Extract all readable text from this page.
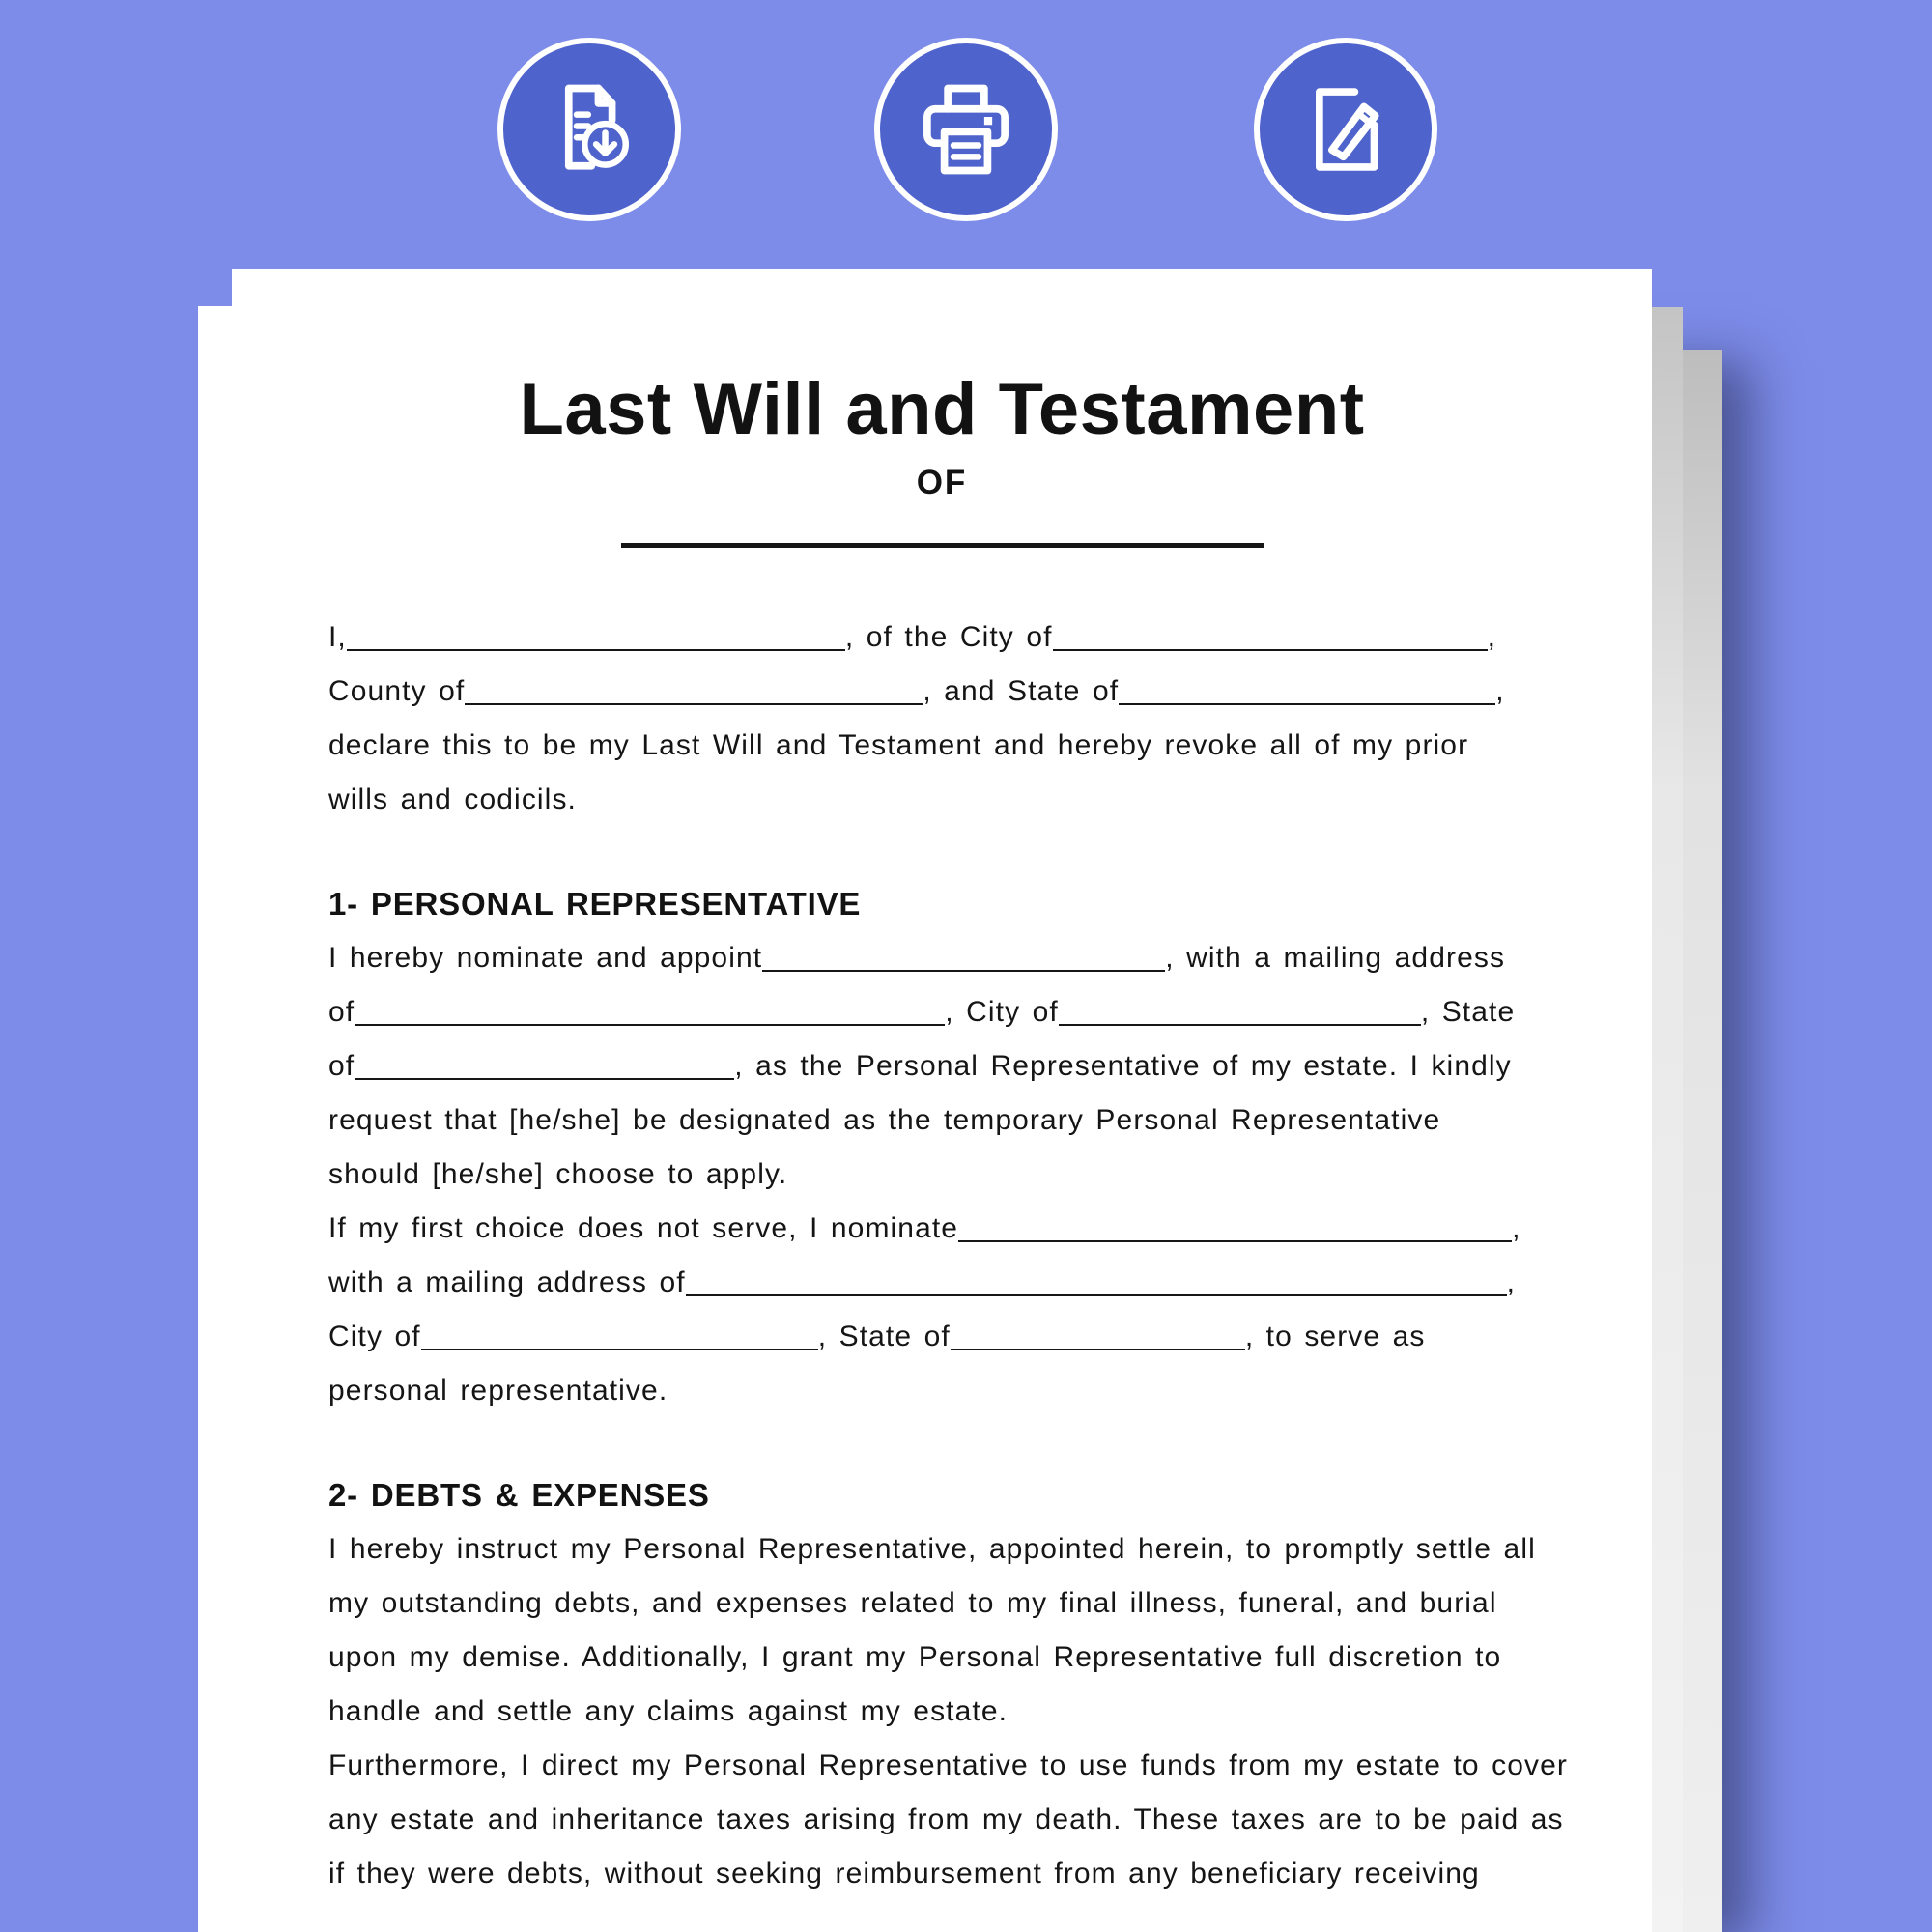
Last Will and Testament
OF
I,	, of the City of	,
County of	, and State of	,
declare this to be my Last Will and Testament and hereby revoke all of my prior
wills and codicils.
1- PERSONAL REPRESENTATIVE
I hereby nominate and appoint	, with a mailing address
of	, City of	, State
of	, as the Personal Representative of my estate. I kindly
request that [he/she] be designated as the temporary Personal Representative
should [he/she] choose to apply.
If my first choice does not serve, I nominate	,
with a mailing address of	,
City of	, State of	, to serve as
personal representative.
2- DEBTS & EXPENSES
I hereby instruct my Personal Representative, appointed herein, to promptly settle all
my outstanding debts, and expenses related to my final illness, funeral, and burial
upon my demise. Additionally, I grant my Personal Representative full discretion to
handle and settle any claims against my estate.
Furthermore, I direct my Personal Representative to use funds from my estate to cover
any estate and inheritance taxes arising from my death. These taxes are to be paid as
if they were debts, without seeking reimbursement from any beneficiary receiving
